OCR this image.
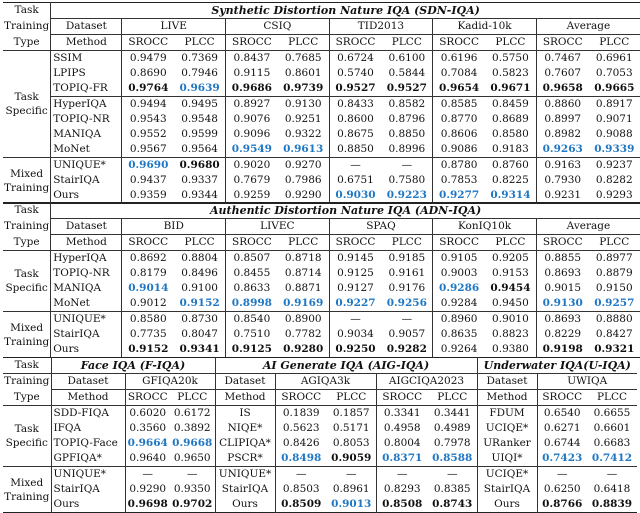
Task	Synthetic Distortion Nature IQA (SDN-IQA)										
Training	Dataset	LIVE		CSIQ		TID2013		Kadid-10k		Average	
Type	Method	SROCC	PLCC	SROCC	PLCC	SROCC	PLCC	SROCC	PLCC	SROCC	PLCC

Task
Specific	SSIM	0.9479	0.7369	0.8437	0.7685	0.6724	0.6100	0.6196	0.5750	0.7467	0.6961
	LPIPS	0.8690	0.7946	0.9115	0.8601	0.5740	0.5844	0.7084	0.5823	0.7607	0.7053
	TOPIQ-FR	0.9764	0.9639	0.9686	0.9739	0.9527	0.9527	0.9654	0.9671	0.9658	0.9665
	HyperIQA	0.9494	0.9495	0.8927	0.9130	0.8433	0.8582	0.8585	0.8459	0.8860	0.8917
	TOPIQ-NR	0.9543	0.9548	0.9076	0.9251	0.8600	0.8796	0.8770	0.8689	0.8997	0.9071
	MANIQA	0.9552	0.9599	0.9096	0.9322	0.8675	0.8850	0.8606	0.8580	0.8982	0.9088
	MoNet	0.9567	0.9564	0.9549	0.9613	0.8850	0.8996	0.9086	0.9183	0.9263	0.9339

Mixed
Training	UNIQUE*	0.9690	0.9680	0.9020	0.9270	—	—	0.8780	0.8760	0.9163	0.9237
	StairIQA	0.9437	0.9337	0.7679	0.7986	0.6751	0.7580	0.7853	0.8225	0.7930	0.8282
	Ours	0.9359	0.9344	0.9259	0.9290	0.9030	0.9223	0.9277	0.9314	0.9231	0.9293
Task	Authentic Distortion Nature IQA (ADN-IQA)										
Training	Dataset	BID		LIVEC		SPAQ		KonIQ10k		Average	
Type	Method	SROCC	PLCC	SROCC	PLCC	SROCC	PLCC	SROCC	PLCC	SROCC	PLCC

Task
Specific	HyperIQA	0.8692	0.8804	0.8507	0.8718	0.9145	0.9185	0.9105	0.9205	0.8855	0.8977
	TOPIQ-NR	0.8179	0.8496	0.8455	0.8714	0.9125	0.9161	0.9003	0.9153	0.8693	0.8879
	MANIQA	0.9014	0.9100	0.8633	0.8871	0.9127	0.9176	0.9286	0.9454	0.9015	0.9150
	MoNet	0.9012	0.9152	0.8998	0.9169	0.9227	0.9256	0.9284	0.9450	0.9130	0.9257

Mixed
Training	UNIQUE*	0.8580	0.8730	0.8540	0.8900	—	—	0.8960	0.9010	0.8693	0.8880
	StairIQA	0.7735	0.8047	0.7510	0.7782	0.9034	0.9057	0.8635	0.8823	0.8229	0.8427
	Ours	0.9152	0.9341	0.9125	0.9280	0.9250	0.9282	0.9264	0.9380	0.9198	0.9321
Task	Face IQA (F-IQA)			AI Generate IQA (AIG-IQA)					Underwater IQA(U-IQA)		
Training	Dataset	GFIQA20k		Dataset	AGIQA3k		AIGCIQA2023		Dataset	UWIQA	
Type	Method	SROCC	PLCC	Method	SROCC	PLCC	SROCC	PLCC	Method	SROCC	PLCC

Task
Specific	SDD-FIQA	0.6020	0.6172	IS	0.1839	0.1857	0.3341	0.3441	FDUM	0.6540	0.6655
	IFQA	0.3560	0.3892	NIQE*	0.5623	0.5171	0.4958	0.4989	UCIQE*	0.6271	0.6601
	TOPIQ-Face	0.9664	0.9668	CLIPIQA*	0.8426	0.8053	0.8004	0.7978	URanker	0.6744	0.6683
	GPFIQA*	0.9640	0.9650	PSCR*	0.8498	0.9059	0.8371	0.8588	UIQI*	0.7423	0.7412

Mixed
Training	UNIQUE*	—	—	UNIQUE*	—	—	—	—	UCIQE*	—	—
	StairIQA	0.9290	0.9350	StairIQA	0.8503	0.8961	0.8293	0.8385	StairIQA	0.6250	0.6418
	Ours	0.9698	0.9702	Ours	0.8509	0.9013	0.8508	0.8743	Ours	0.8766	0.8839
